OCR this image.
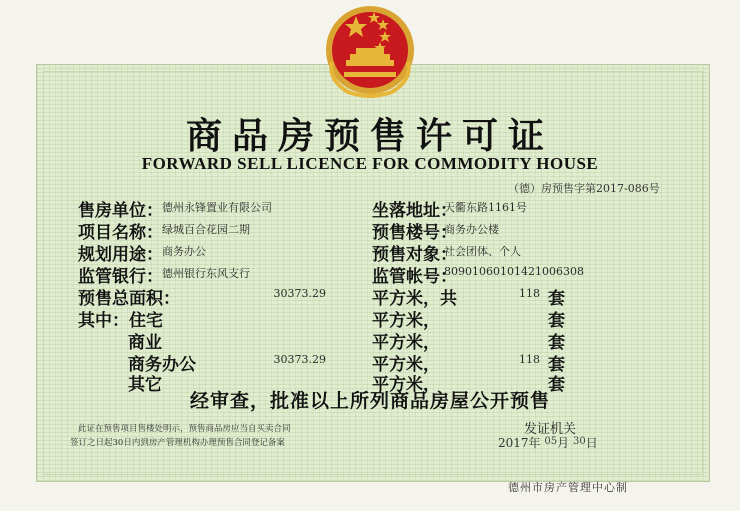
商品房预售许可证
FORWARD SELL LICENCE FOR COMMODITY HOUSE
（德）房预售字第2017-086号
售房单位： 德州永锋置业有限公司	坐落地址：
天衢东路1161号
项目名称： 绿城百合花园二期	预售楼号：
商务办公楼
规划用途： 商务办公	预售对象：
社会团体、个人
监管银行： 德州银行东风支行	监管帐号：
809010601014210063​08
预售总面积：	30373.29	平方米，共	118 套
其中：住宅	平方米，	套
商业	平方米，	套
商务办公	30373.29	平方米，	118 套
其它	平方米，	套
经审查，批准以上所列商品房屋公开预售
此证在预售项目售楼处明示，预售商品房应当自买卖合同
签订之日起30日内到房产管理机构办理预售合同登记备案
发证机关
2017年 $^{05}$月 $^{30}$日
德州市房产管理中心制
